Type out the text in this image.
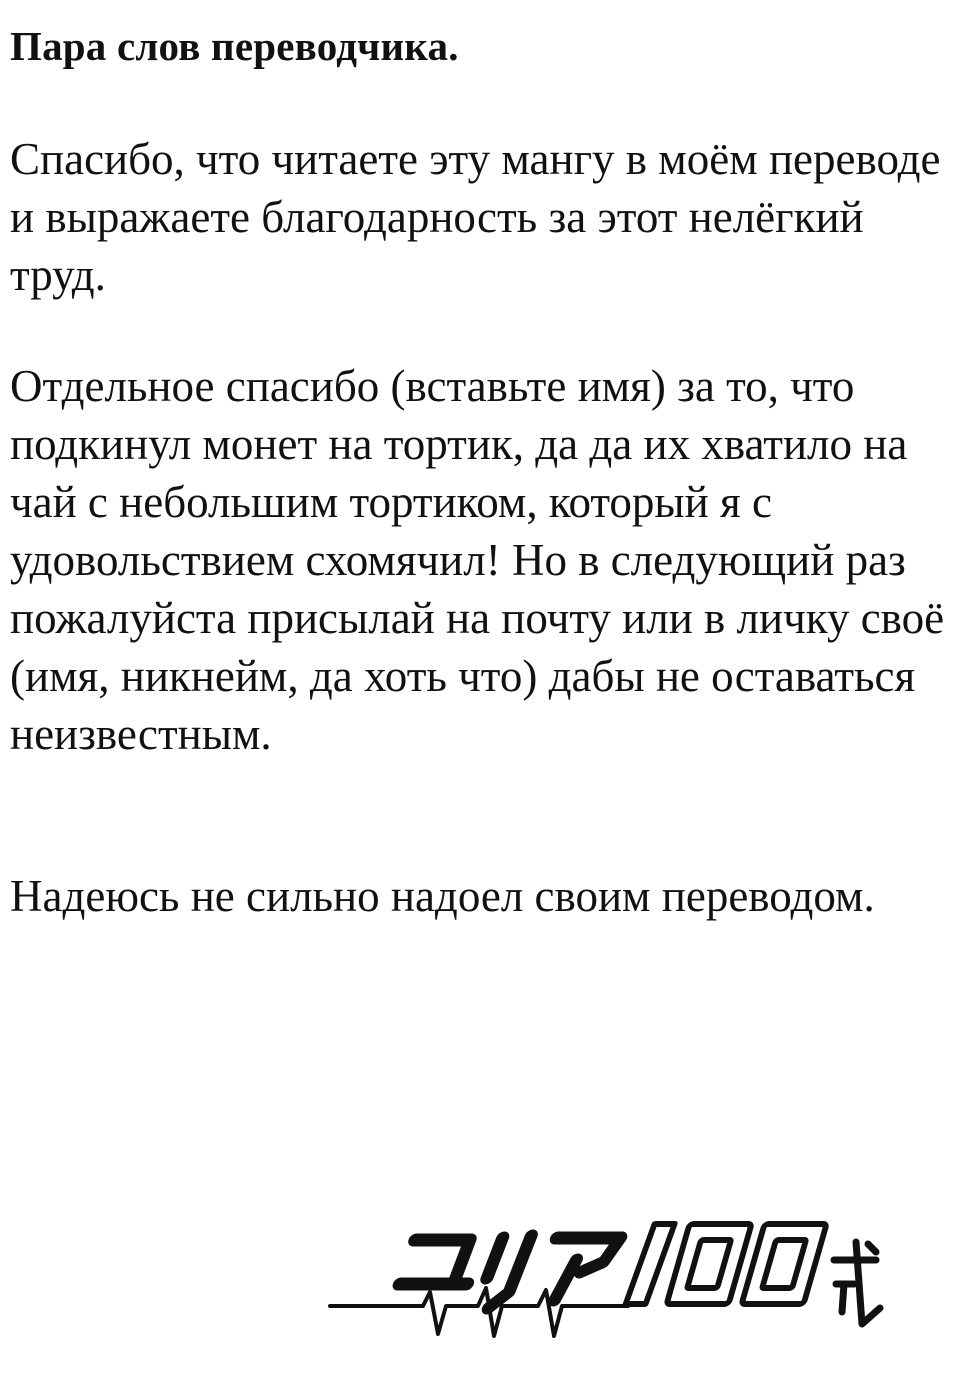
Пара слов переводчика.

Спасибо, что читаете эту мангу в моём переводе и выражаете благодарность за этот нелёгкий труд.

Отдельное спасибо (вставьте имя) за то, что подкинул монет на тортик, да да их хватило на чай с небольшим тортиком, который я с удовольствием схомячил! Но в следующий раз пожалуйста присылай на почту или в личку своё (имя, никнейм, да хоть что) дабы не оставаться неизвестным.

Надеюсь не сильно надоел своим переводом.
